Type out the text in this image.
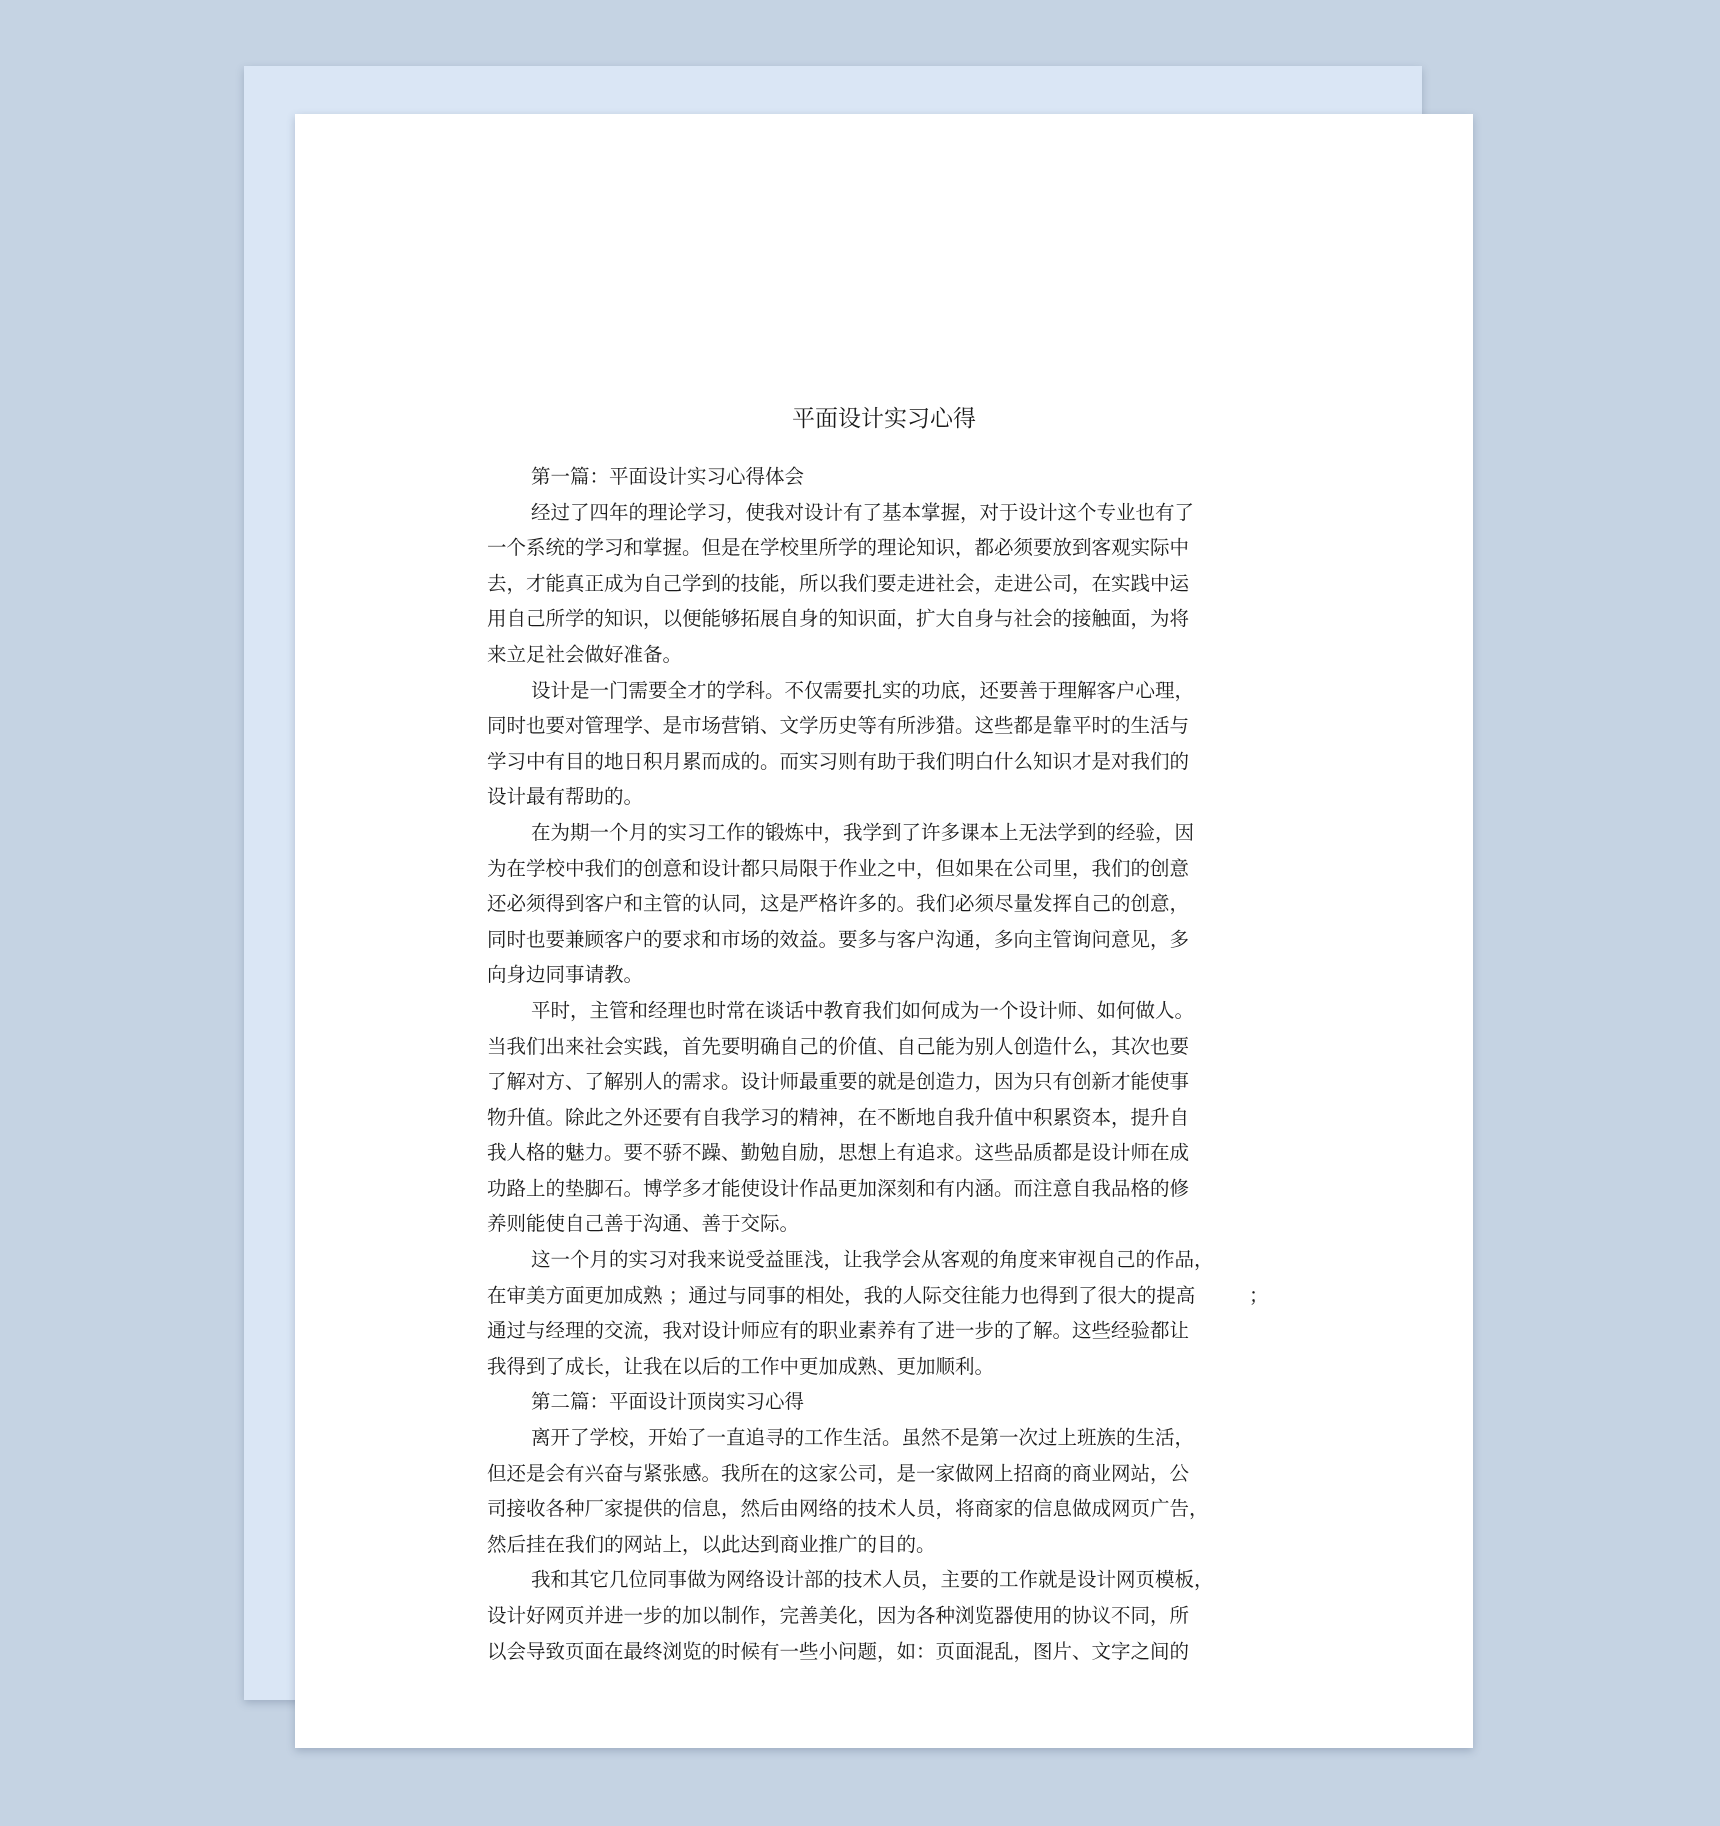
平面设计实习心得
第一篇：平面设计实习心得体会
经过了四年的理论学习，使我对设计有了基本掌握，对于设计这个专业也有了
一个系统的学习和掌握。但是在学校里所学的理论知识，都必须要放到客观实际中
去，才能真正成为自己学到的技能，所以我们要走进社会，走进公司，在实践中运
用自己所学的知识，以便能够拓展自身的知识面，扩大自身与社会的接触面，为将
来立足社会做好准备。
设计是一门需要全才的学科。不仅需要扎实的功底，还要善于理解客户心理，
同时也要对管理学、是市场营销、文学历史等有所涉猎。这些都是靠平时的生活与
学习中有目的地日积月累而成的。而实习则有助于我们明白什么知识才是对我们的
设计最有帮助的。
在为期一个月的实习工作的锻炼中，我学到了许多课本上无法学到的经验，因
为在学校中我们的创意和设计都只局限于作业之中，但如果在公司里，我们的创意
还必须得到客户和主管的认同，这是严格许多的。我们必须尽量发挥自己的创意，
同时也要兼顾客户的要求和市场的效益。要多与客户沟通，多向主管询问意见，多
向身边同事请教。
平时，主管和经理也时常在谈话中教育我们如何成为一个设计师、如何做人。
当我们出来社会实践，首先要明确自己的价值、自己能为别人创造什么，其次也要
了解对方、了解别人的需求。设计师最重要的就是创造力，因为只有创新才能使事
物升值。除此之外还要有自我学习的精神，在不断地自我升值中积累资本，提升自
我人格的魅力。要不骄不躁、勤勉自励，思想上有追求。这些品质都是设计师在成
功路上的垫脚石。博学多才能使设计作品更加深刻和有内涵。而注意自我品格的修
养则能使自己善于沟通、善于交际。
这一个月的实习对我来说受益匪浅，让我学会从客观的角度来审视自己的作品，
在审美方面更加成熟 ；通过与同事的相处，我的人际交往能力也得到了很大的提高
通过与经理的交流，我对设计师应有的职业素养有了进一步的了解。这些经验都让
我得到了成长，让我在以后的工作中更加成熟、更加顺利。
第二篇：平面设计顶岗实习心得
离开了学校，开始了一直追寻的工作生活。虽然不是第一次过上班族的生活，
但还是会有兴奋与紧张感。我所在的这家公司，是一家做网上招商的商业网站，公
司接收各种厂家提供的信息，然后由网络的技术人员，将商家的信息做成网页广告，
然后挂在我们的网站上，以此达到商业推广的目的。
我和其它几位同事做为网络设计部的技术人员，主要的工作就是设计网页模板，
设计好网页并进一步的加以制作，完善美化，因为各种浏览器使用的协议不同，所
以会导致页面在最终浏览的时候有一些小问题，如：页面混乱，图片、文字之间的
；
